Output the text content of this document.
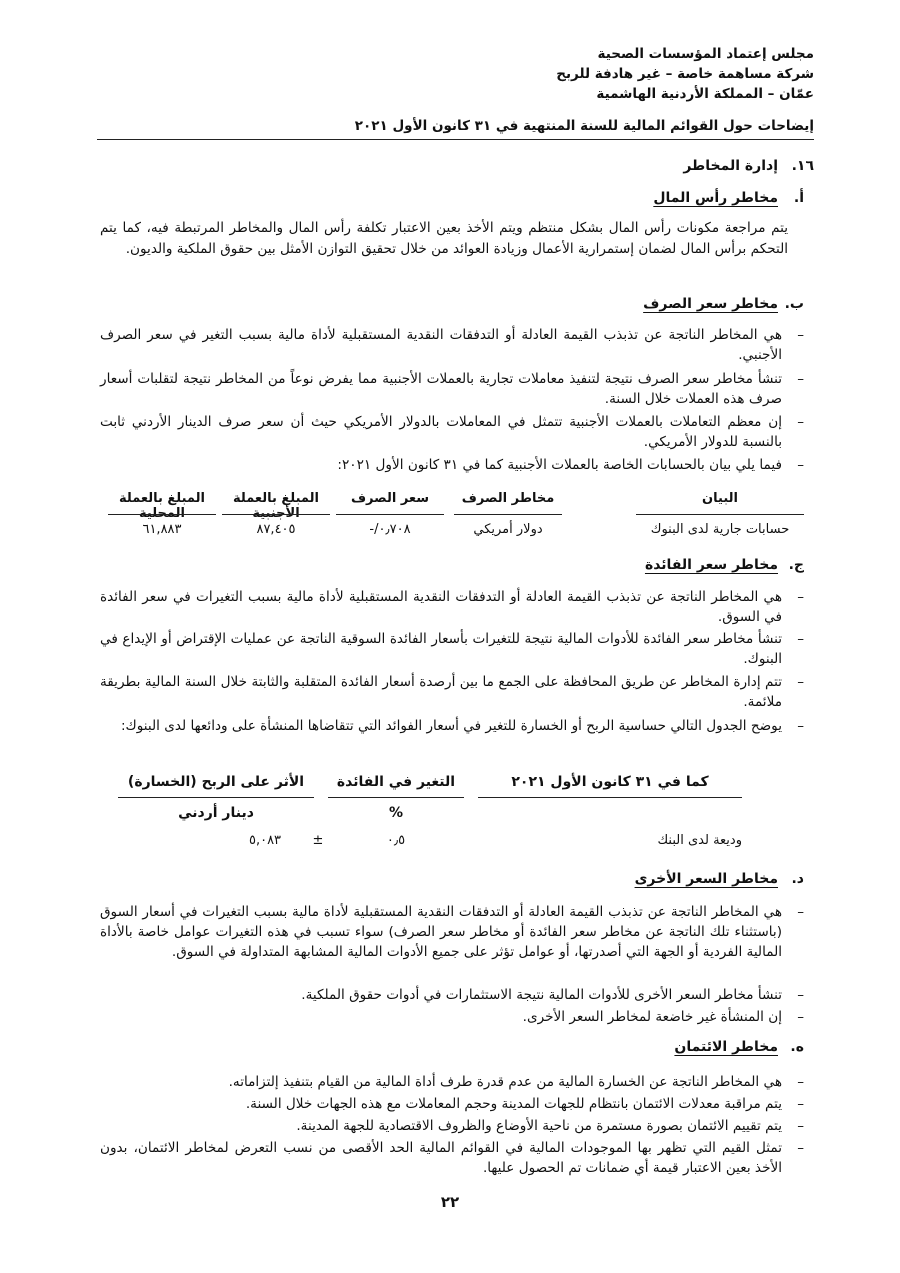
مجلس إعتماد المؤسسات الصحية
شركة مساهمة خاصة – غير هادفة للربح
عمّان – المملكة الأردنية الهاشمية
إيضاحات حول القوائم المالية للسنة المنتهية في ٣١ كانون الأول ٢٠٢١
١٦.
إدارة المخاطر
أ.
مخاطر رأس المال
يتم مراجعة مكونات رأس المال بشكل منتظم ويتم الأخذ بعين الاعتبار تكلفة رأس المال والمخاطر المرتبطة فيه، كما يتم التحكم برأس المال لضمان إستمرارية الأعمال وزيادة العوائد من خلال تحقيق التوازن الأمثل بين حقوق الملكية والديون.
ب.
مخاطر سعر الصرف
–
هي المخاطر الناتجة عن تذبذب القيمة العادلة أو التدفقات النقدية المستقبلية لأداة مالية بسبب التغير في سعر الصرف الأجنبي.
–
تنشأ مخاطر سعر الصرف نتيجة لتنفيذ معاملات تجارية بالعملات الأجنبية مما يفرض نوعاً من المخاطر نتيجة لتقلبات أسعار صرف هذه العملات خلال السنة.
–
إن معظم التعاملات بالعملات الأجنبية تتمثل في المعاملات بالدولار الأمريكي حيث أن سعر صرف الدينار الأردني ثابت بالنسبة للدولار الأمريكي.
–
فيما يلي بيان بالحسابات الخاصة بالعملات الأجنبية كما في ٣١ كانون الأول ٢٠٢١:
البيان
مخاطر الصرف
سعر الصرف
المبلغ بالعملة الأجنبية
المبلغ بالعملة المحلية
حسابات جارية لدى البنوك
دولار أمريكي
٠٫٧٠٨/-
٨٧,٤٠٥
٦١,٨٨٣
ج.
مخاطر سعر الفائدة
–
هي المخاطر الناتجة عن تذبذب القيمة العادلة أو التدفقات النقدية المستقبلية لأداة مالية بسبب التغيرات في سعر الفائدة في السوق.
–
تنشأ مخاطر سعر الفائدة للأدوات المالية نتيجة للتغيرات بأسعار الفائدة السوقية الناتجة عن عمليات الإقتراض أو الإيداع في البنوك.
–
تتم إدارة المخاطر عن طريق المحافظة على الجمع ما بين أرصدة أسعار الفائدة المتقلبة والثابتة خلال السنة المالية بطريقة ملائمة.
–
يوضح الجدول التالي حساسية الربح أو الخسارة للتغير في أسعار الفوائد التي تتقاضاها المنشأة على ودائعها لدى البنوك:
كما في ٣١ كانون الأول ٢٠٢١
التغير في الفائدة
الأثر على الربح (الخسارة)
%
دينار أردني
وديعة لدى البنك
٠٫٥
±
٥,٠٨٣
د.
مخاطر السعر الأخرى
–
هي المخاطر الناتجة عن تذبذب القيمة العادلة أو التدفقات النقدية المستقبلية لأداة مالية بسبب التغيرات في أسعار السوق (باستثناء تلك الناتجة عن مخاطر سعر الفائدة أو مخاطر سعر الصرف) سواء تسبب في هذه التغيرات عوامل خاصة بالأداة المالية الفردية أو الجهة التي أصدرتها، أو عوامل تؤثر على جميع الأدوات المالية المشابهة المتداولة في السوق.
–
تنشأ مخاطر السعر الأخرى للأدوات المالية نتيجة الاستثمارات في أدوات حقوق الملكية.
–
إن المنشأة غير خاضعة لمخاطر السعر الأخرى.
ه.
مخاطر الائتمان
–
هي المخاطر الناتجة عن الخسارة المالية من عدم قدرة طرف أداة المالية من القيام بتنفيذ إلتزاماته.
–
يتم مراقبة معدلات الائتمان بانتظام للجهات المدينة وحجم المعاملات مع هذه الجهات خلال السنة.
–
يتم تقييم الائتمان بصورة مستمرة من ناحية الأوضاع والظروف الاقتصادية للجهة المدينة.
–
تمثل القيم التي تظهر بها الموجودات المالية في القوائم المالية الحد الأقصى من نسب التعرض لمخاطر الائتمان، بدون الأخذ بعين الاعتبار قيمة أي ضمانات تم الحصول عليها.
٢٢
